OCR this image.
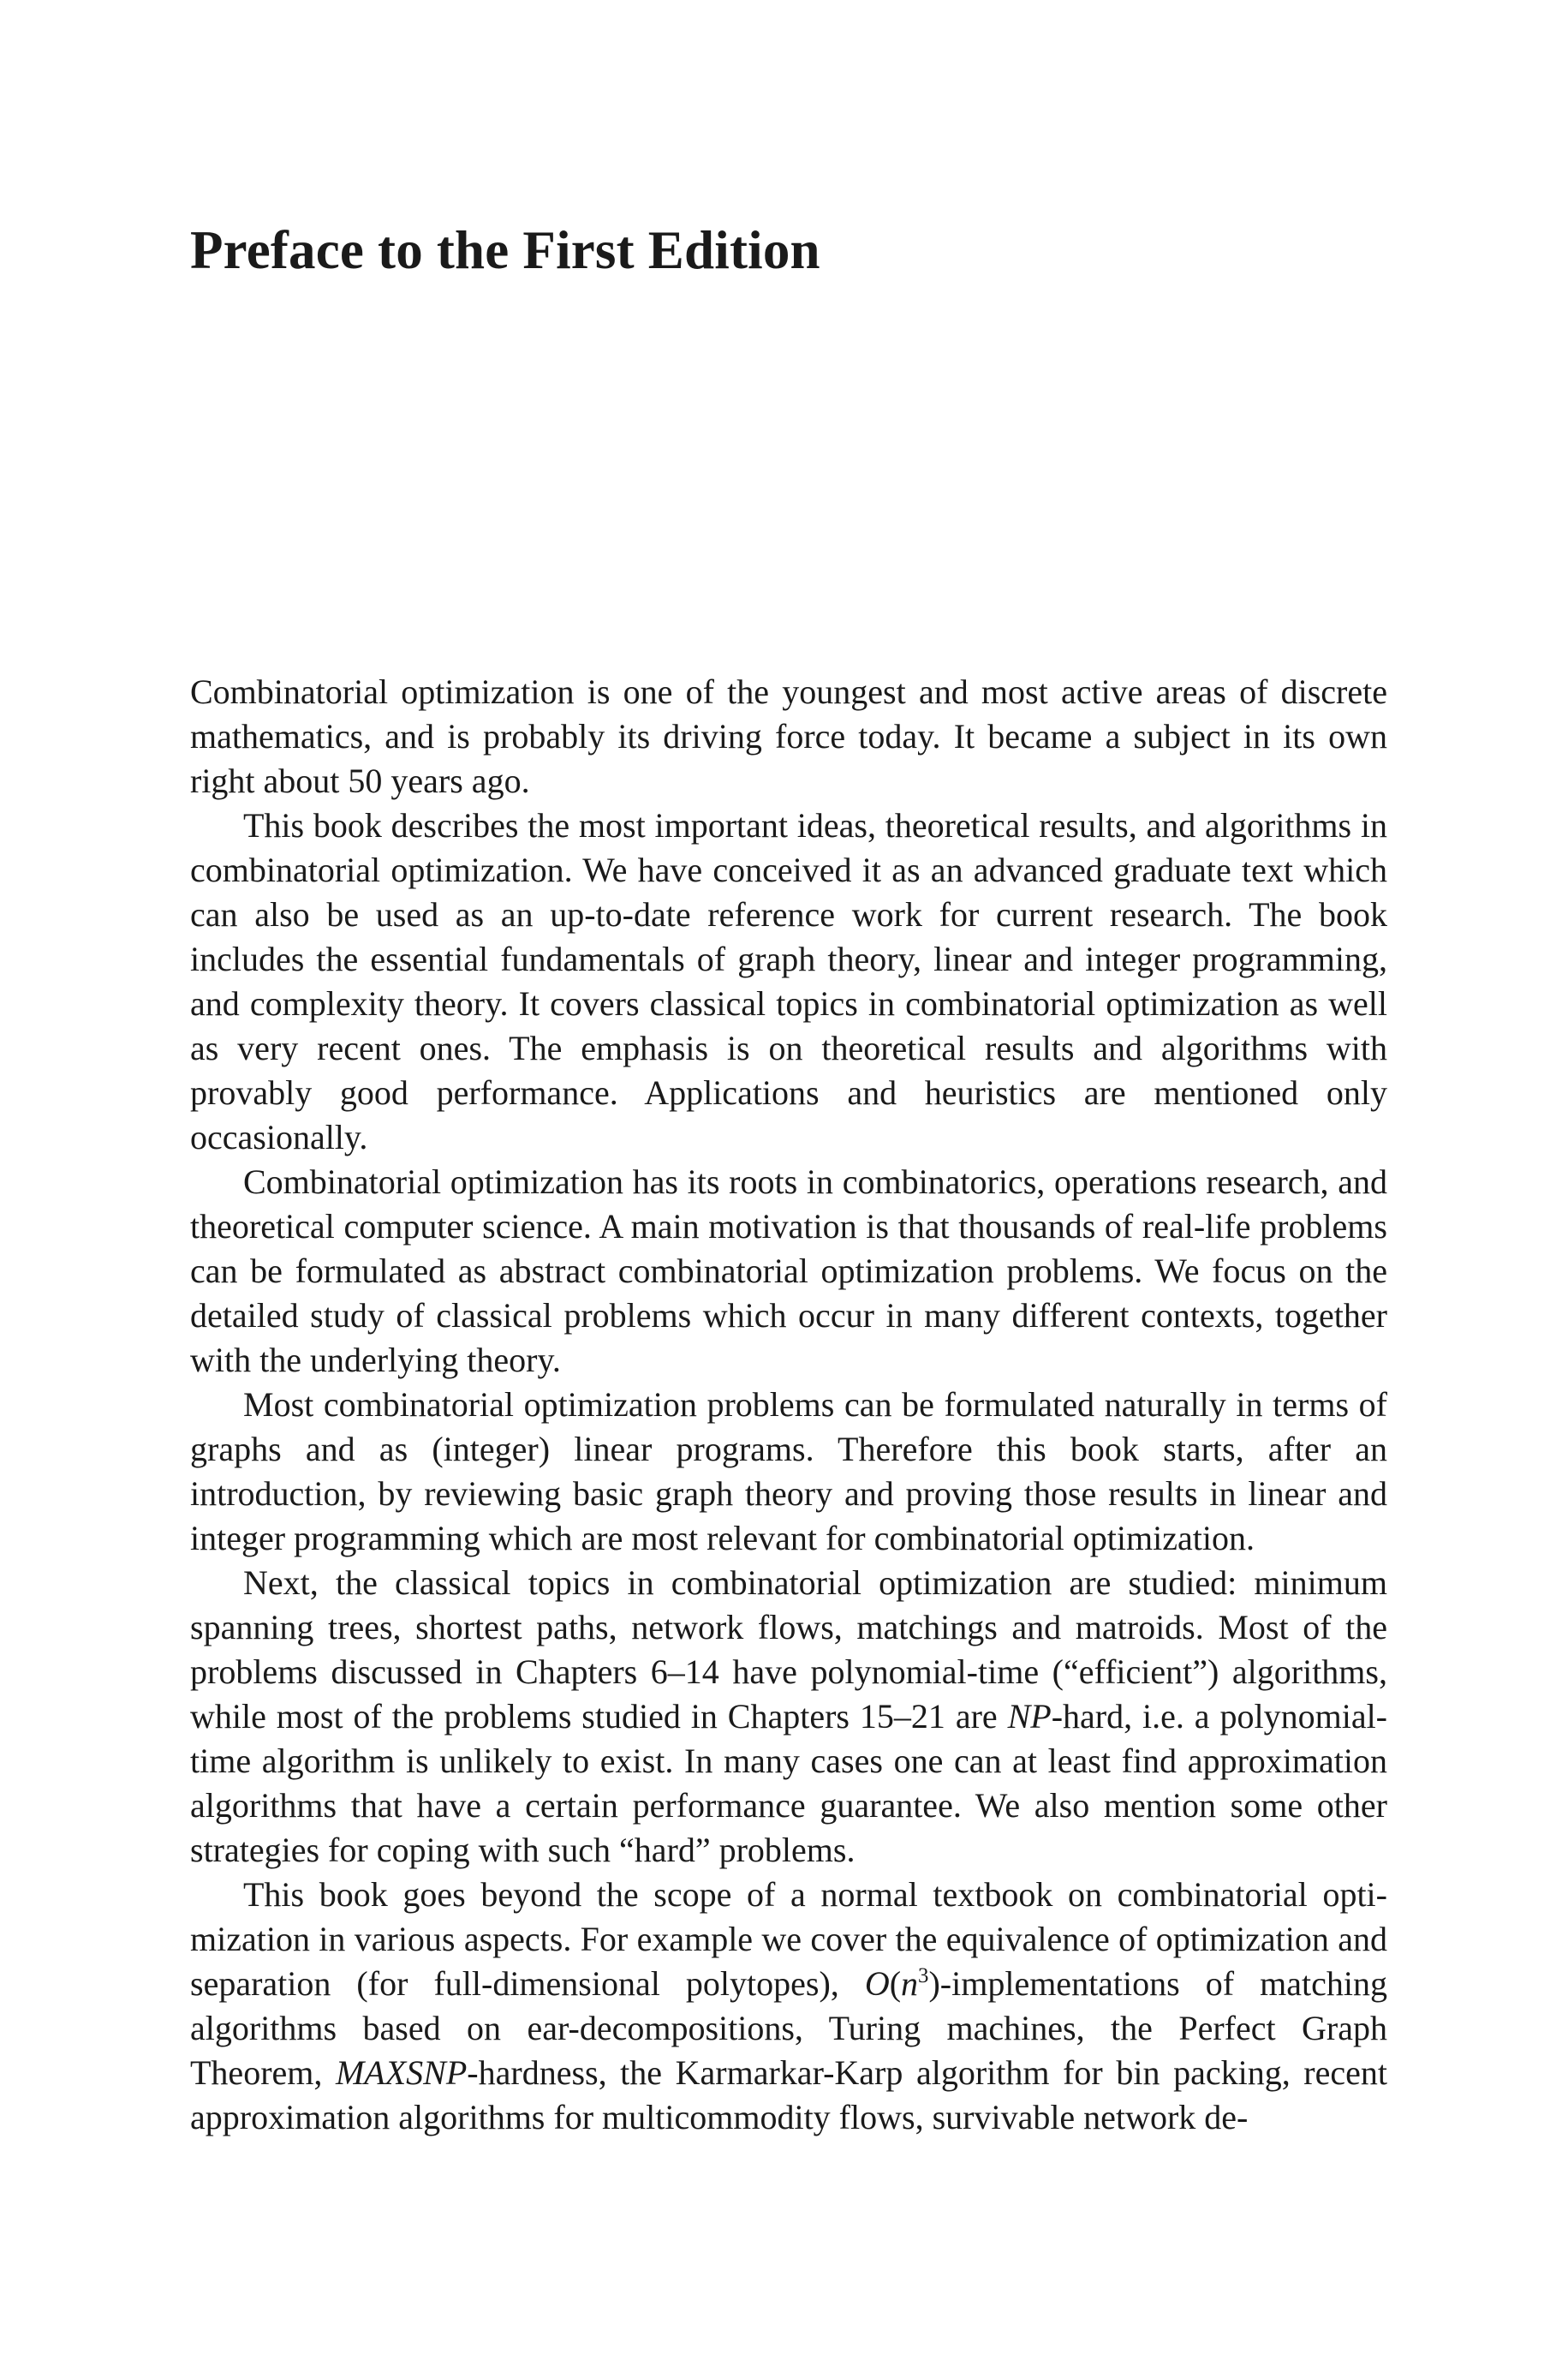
Preface to the First Edition

Combinatorial optimization is one of the youngest and most active areas of discrete mathematics, and is probably its driving force today. It became a subject in its own right about 50 years ago.

This book describes the most important ideas, theoretical results, and algorithms in combinatorial optimization. We have conceived it as an advanced graduate text which can also be used as an up-to-date reference work for current research. The book includes the essential fundamentals of graph theory, linear and integer programming, and complexity theory. It covers classical topics in combinatorial optimization as well as very recent ones. The emphasis is on theoretical results and algorithms with provably good performance. Applications and heuristics are mentioned only occasionally.

Combinatorial optimization has its roots in combinatorics, operations research, and theoretical computer science. A main motivation is that thousands of real-life problems can be formulated as abstract combinatorial optimization problems. We focus on the detailed study of classical problems which occur in many different contexts, together with the underlying theory.

Most combinatorial optimization problems can be formulated naturally in terms of graphs and as (integer) linear programs. Therefore this book starts, after an introduction, by reviewing basic graph theory and proving those results in linear and integer programming which are most relevant for combinatorial optimization.

Next, the classical topics in combinatorial optimization are studied: minimum spanning trees, shortest paths, network flows, matchings and matroids. Most of the problems discussed in Chapters 6–14 have polynomial-time (“efficient”) algorithms, while most of the problems studied in Chapters 15–21 are NP-hard, i.e. a polynomial-time algorithm is unlikely to exist. In many cases one can at least find approximation algorithms that have a certain performance guarantee. We also mention some other strategies for coping with such “hard” problems.

This book goes beyond the scope of a normal textbook on combinatorial optimization in various aspects. For example we cover the equivalence of optimization and separation (for full-dimensional polytopes), $O(n^3)$-implementations of matching algorithms based on ear-decompositions, Turing machines, the Perfect Graph Theorem, MAXSNP-hardness, the Karmarkar-Karp algorithm for bin packing, recent approximation algorithms for multicommodity flows, survivable network de-
